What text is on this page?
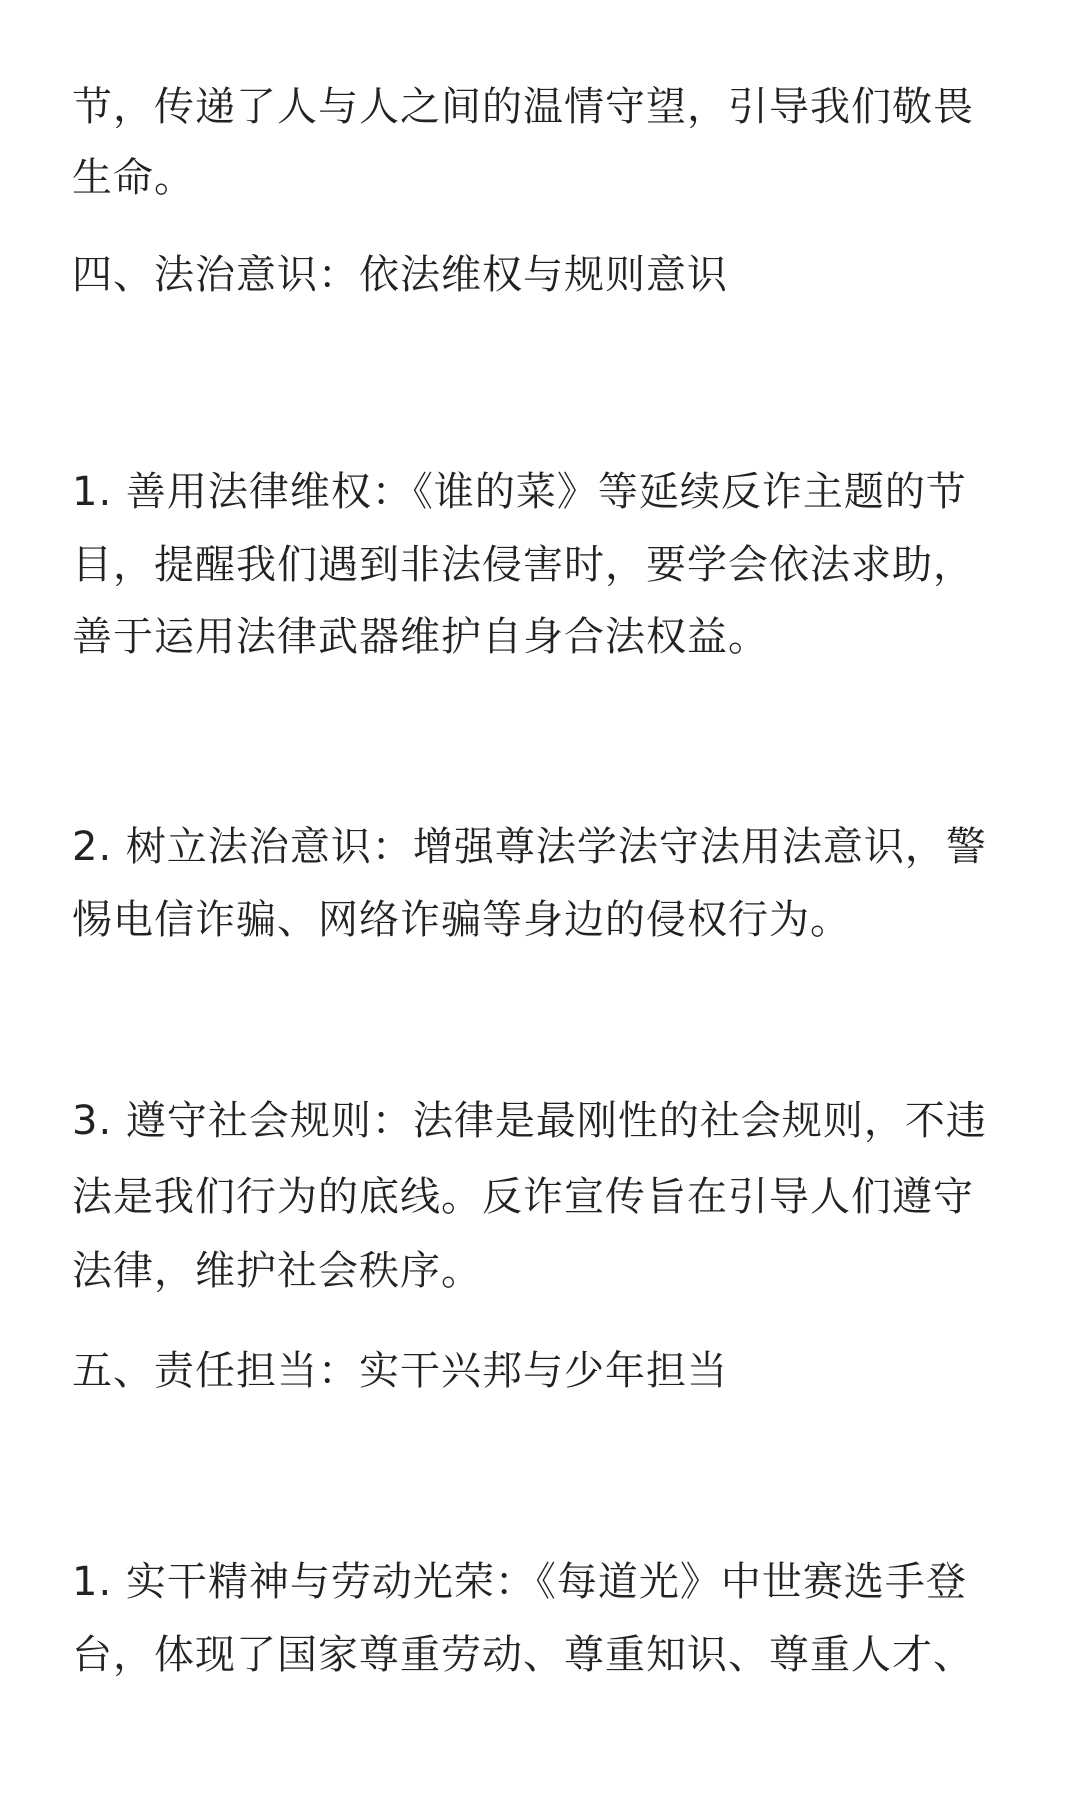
节，传递了人与人之间的温情守望，引导我们敬畏
生命。
四、法治意识：依法维权与规则意识
1. 善用法律维权：《谁的菜》等延续反诈主题的节
目，提醒我们遇到非法侵害时，要学会依法求助，
善于运用法律武器维护自身合法权益。
2. 树立法治意识：增强尊法学法守法用法意识，警
惕电信诈骗、网络诈骗等身边的侵权行为。
3. 遵守社会规则：法律是最刚性的社会规则，不违
法是我们行为的底线。反诈宣传旨在引导人们遵守
法律，维护社会秩序。
五、责任担当：实干兴邦与少年担当
1. 实干精神与劳动光荣：《每道光》中世赛选手登
台，体现了国家尊重劳动、尊重知识、尊重人才、
